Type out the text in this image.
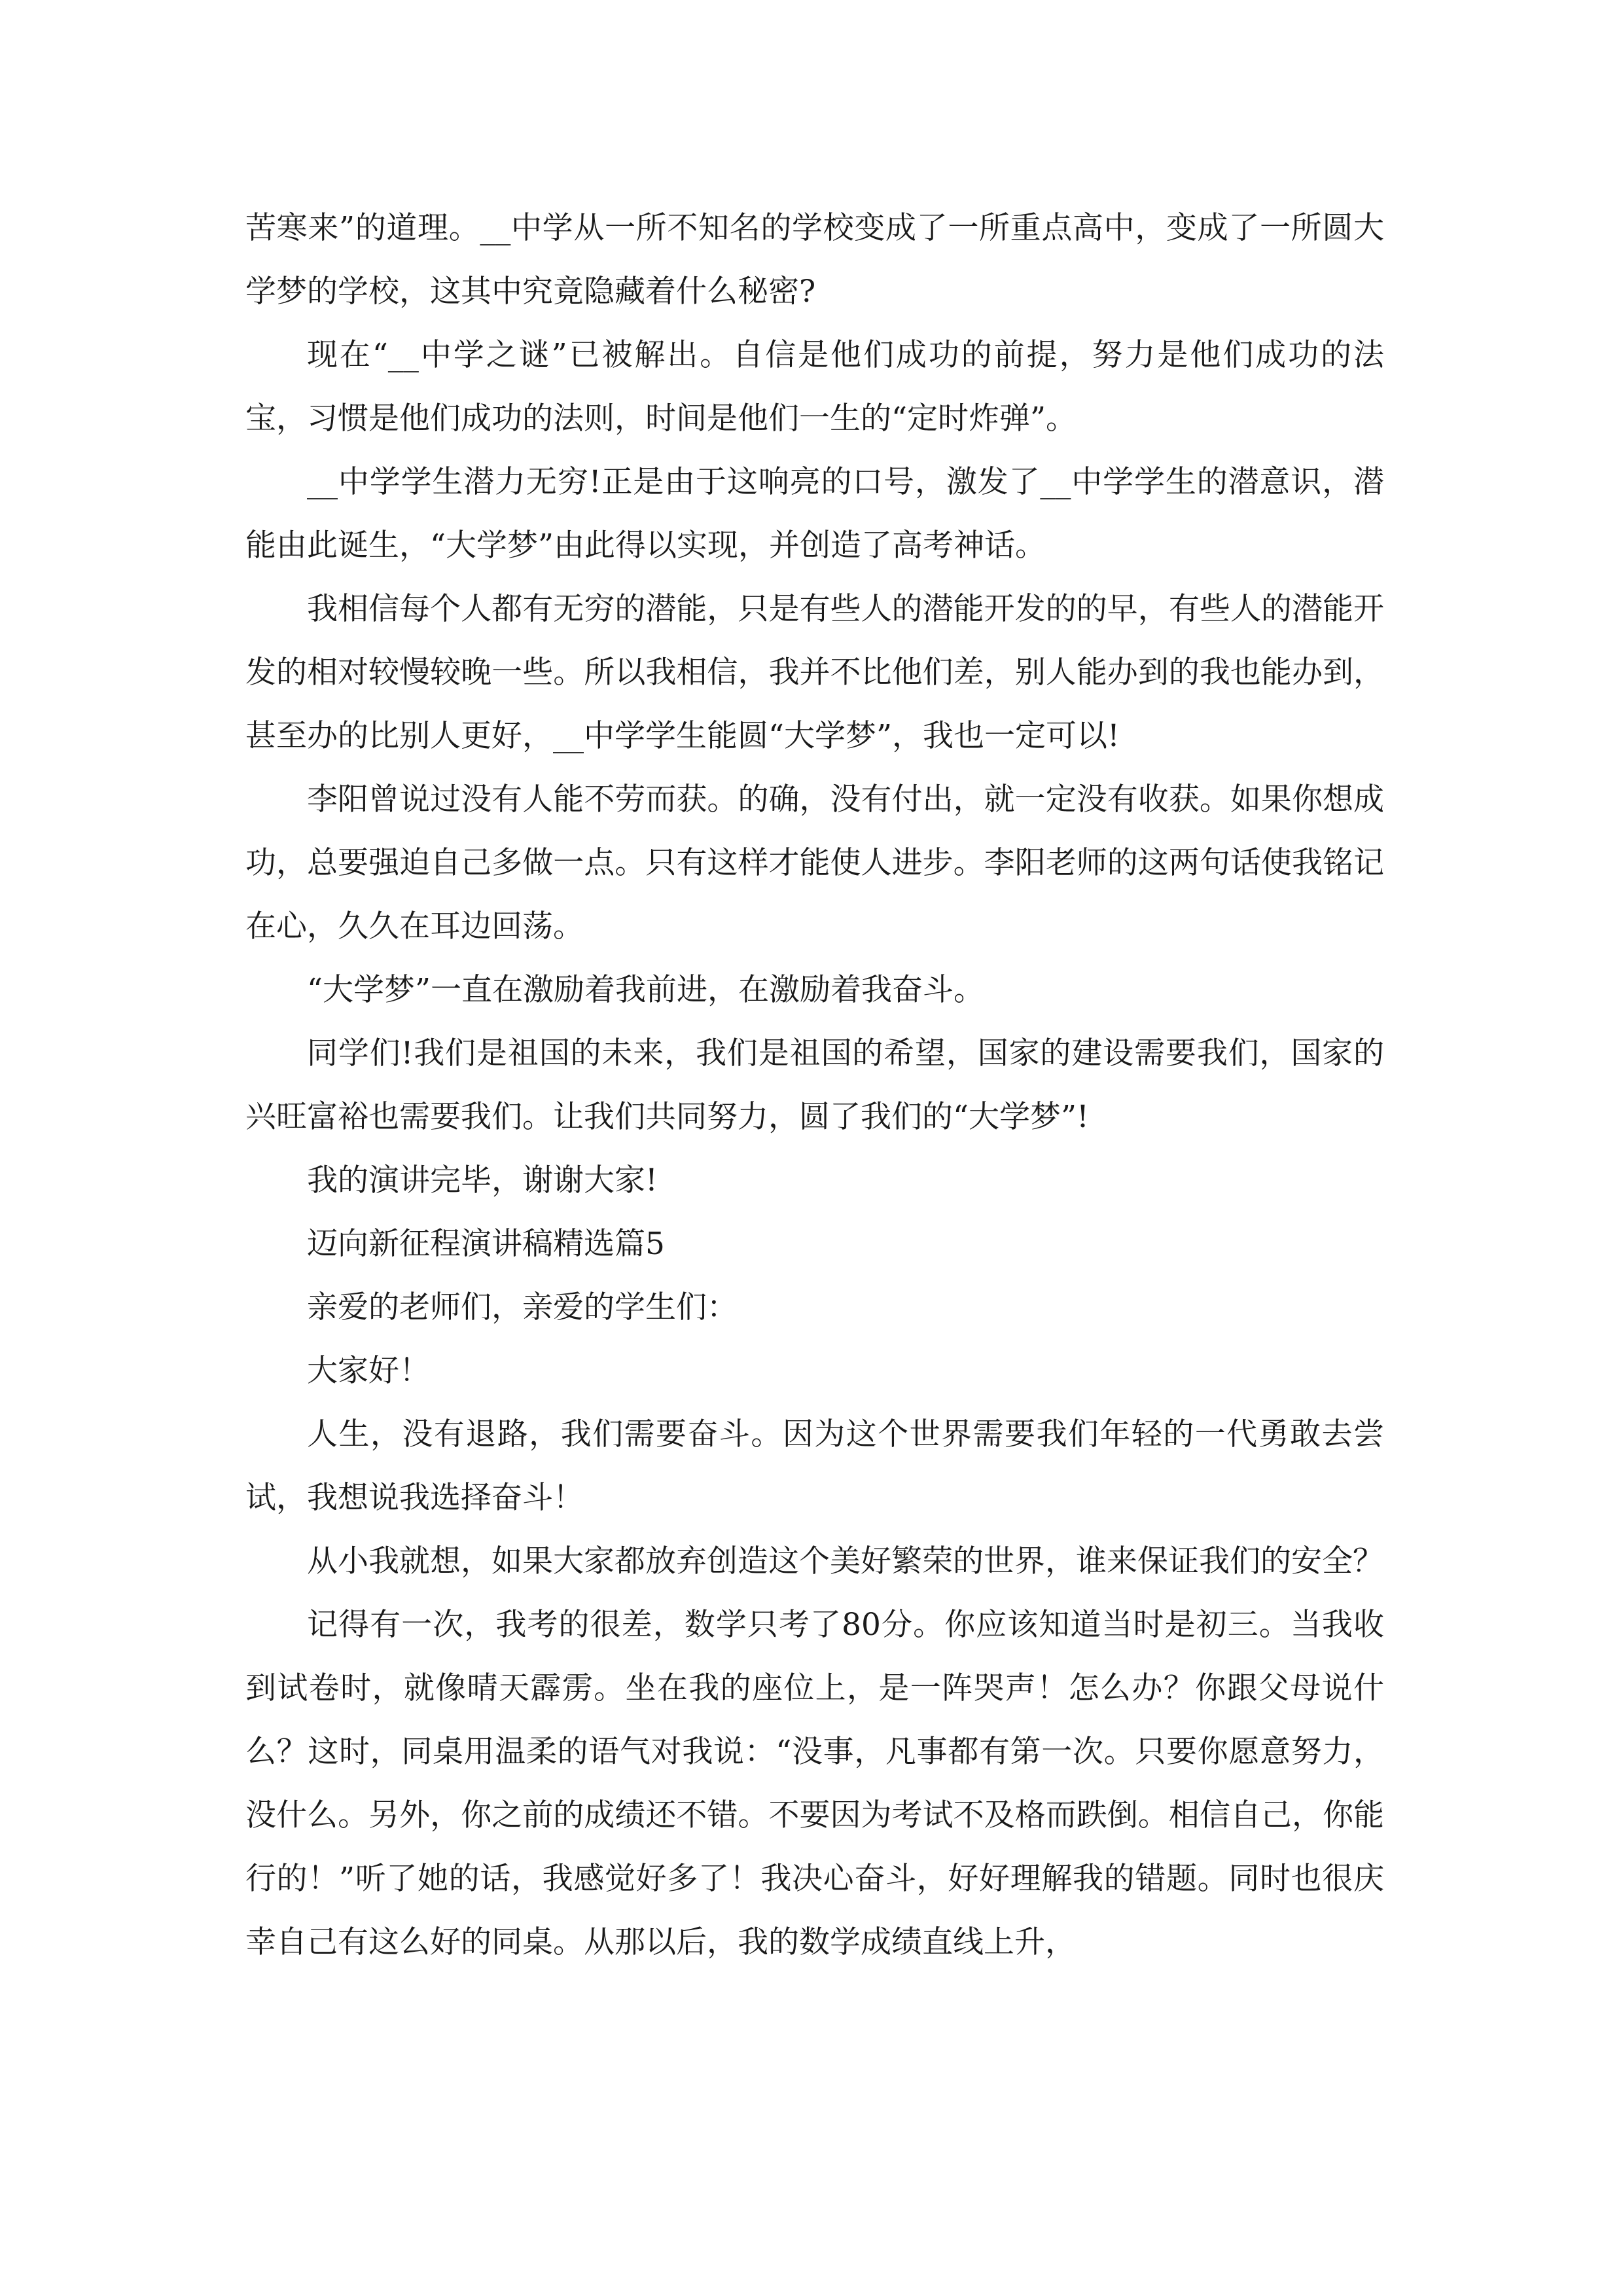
苦寒来”的道理。__中学从一所不知名的学校变成了一所重点高中，变成了一所圆大学梦的学校，这其中究竟隐藏着什么秘密?

现在“__中学之谜”已被解出。自信是他们成功的前提，努力是他们成功的法宝，习惯是他们成功的法则，时间是他们一生的“定时炸弹”。

__中学学生潜力无穷!正是由于这响亮的口号，激发了__中学学生的潜意识，潜能由此诞生，“大学梦”由此得以实现，并创造了高考神话。

我相信每个人都有无穷的潜能，只是有些人的潜能开发的的早，有些人的潜能开发的相对较慢较晚一些。所以我相信，我并不比他们差，别人能办到的我也能办到，甚至办的比别人更好，__中学学生能圆“大学梦”，我也一定可以!

李阳曾说过没有人能不劳而获。的确，没有付出，就一定没有收获。如果你想成功，总要强迫自己多做一点。只有这样才能使人进步。李阳老师的这两句话使我铭记在心，久久在耳边回荡。

“大学梦”一直在激励着我前进，在激励着我奋斗。

同学们!我们是祖国的未来，我们是祖国的希望，国家的建设需要我们，国家的兴旺富裕也需要我们。让我们共同努力，圆了我们的“大学梦”!

我的演讲完毕，谢谢大家!

迈向新征程演讲稿精选篇5

亲爱的老师们，亲爱的学生们：

大家好！

人生，没有退路，我们需要奋斗。因为这个世界需要我们年轻的一代勇敢去尝试，我想说我选择奋斗！

从小我就想，如果大家都放弃创造这个美好繁荣的世界，谁来保证我们的安全？

记得有一次，我考的很差，数学只考了80分。你应该知道当时是初三。当我收到试卷时，就像晴天霹雳。坐在我的座位上，是一阵哭声！怎么办？你跟父母说什么？这时，同桌用温柔的语气对我说：“没事，凡事都有第一次。只要你愿意努力，没什么。另外，你之前的成绩还不错。不要因为考试不及格而跌倒。相信自己，你能行的！”听了她的话，我感觉好多了！我决心奋斗，好好理解我的错题。同时也很庆幸自己有这么好的同桌。从那以后，我的数学成绩直线上升，
